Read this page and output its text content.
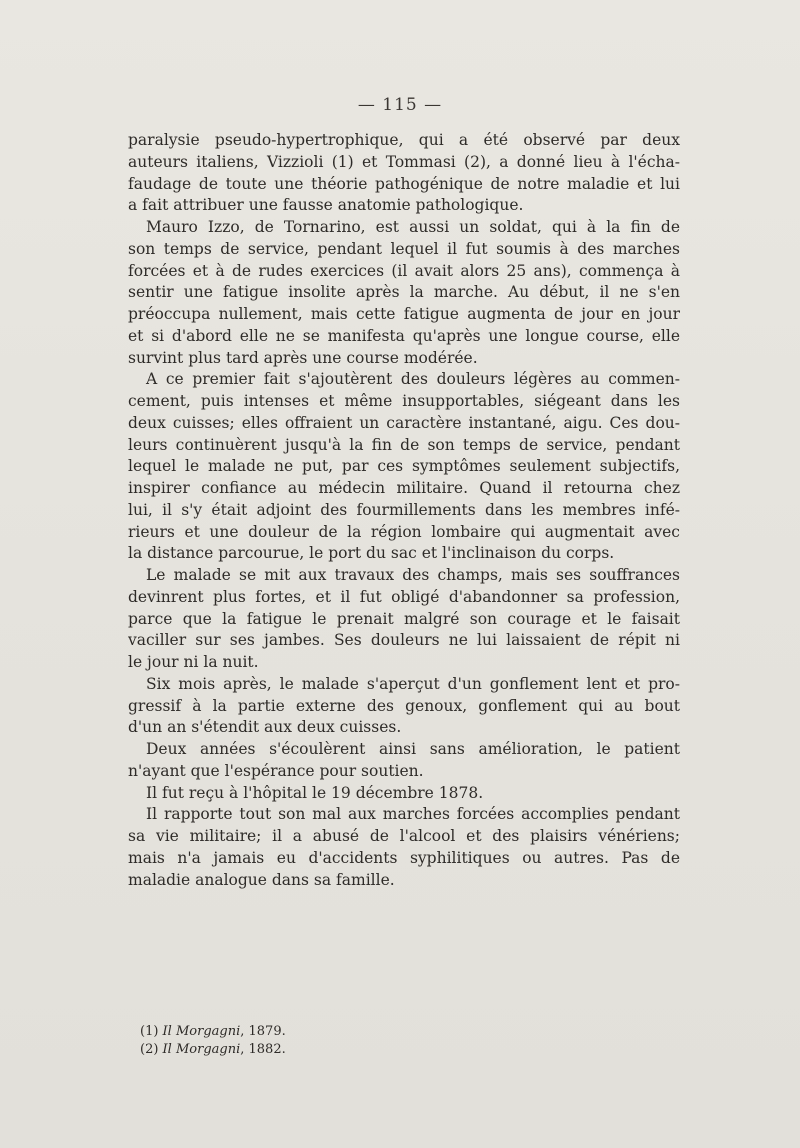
— 115 —
paralysie pseudo-hypertrophique, qui a été observé par deux
auteurs italiens, Vizzioli (1) et Tommasi (2), a donné lieu à l'écha-
faudage de toute une théorie pathogénique de notre maladie et lui
a fait attribuer une fausse anatomie pathologique.
Mauro Izzo, de Tornarino, est aussi un soldat, qui à la fin de
son temps de service, pendant lequel il fut soumis à des marches
forcées et à de rudes exercices (il avait alors 25 ans), commença à
sentir une fatigue insolite après la marche. Au début, il ne s'en
préoccupa nullement, mais cette fatigue augmenta de jour en jour
et si d'abord elle ne se manifesta qu'après une longue course, elle
survint plus tard après une course modérée.
A ce premier fait s'ajoutèrent des douleurs légères au commen-
cement, puis intenses et même insupportables, siégeant dans les
deux cuisses; elles offraient un caractère instantané, aigu. Ces dou-
leurs continuèrent jusqu'à la fin de son temps de service, pendant
lequel le malade ne put, par ces symptômes seulement subjectifs,
inspirer confiance au médecin militaire. Quand il retourna chez
lui, il s'y était adjoint des fourmillements dans les membres infé-
rieurs et une douleur de la région lombaire qui augmentait avec
la distance parcourue, le port du sac et l'inclinaison du corps.
Le malade se mit aux travaux des champs, mais ses souffrances
devinrent plus fortes, et il fut obligé d'abandonner sa profession,
parce que la fatigue le prenait malgré son courage et le faisait
vaciller sur ses jambes. Ses douleurs ne lui laissaient de répit ni
le jour ni la nuit.
Six mois après, le malade s'aperçut d'un gonflement lent et pro-
gressif à la partie externe des genoux, gonflement qui au bout
d'un an s'étendit aux deux cuisses.
Deux années s'écoulèrent ainsi sans amélioration, le patient
n'ayant que l'espérance pour soutien.
Il fut reçu à l'hôpital le 19 décembre 1878.
Il rapporte tout son mal aux marches forcées accomplies pendant
sa vie militaire; il a abusé de l'alcool et des plaisirs vénériens;
mais n'a jamais eu d'accidents syphilitiques ou autres. Pas de
maladie analogue dans sa famille.
(1) Il Morgagni, 1879.
(2) Il Morgagni, 1882.
